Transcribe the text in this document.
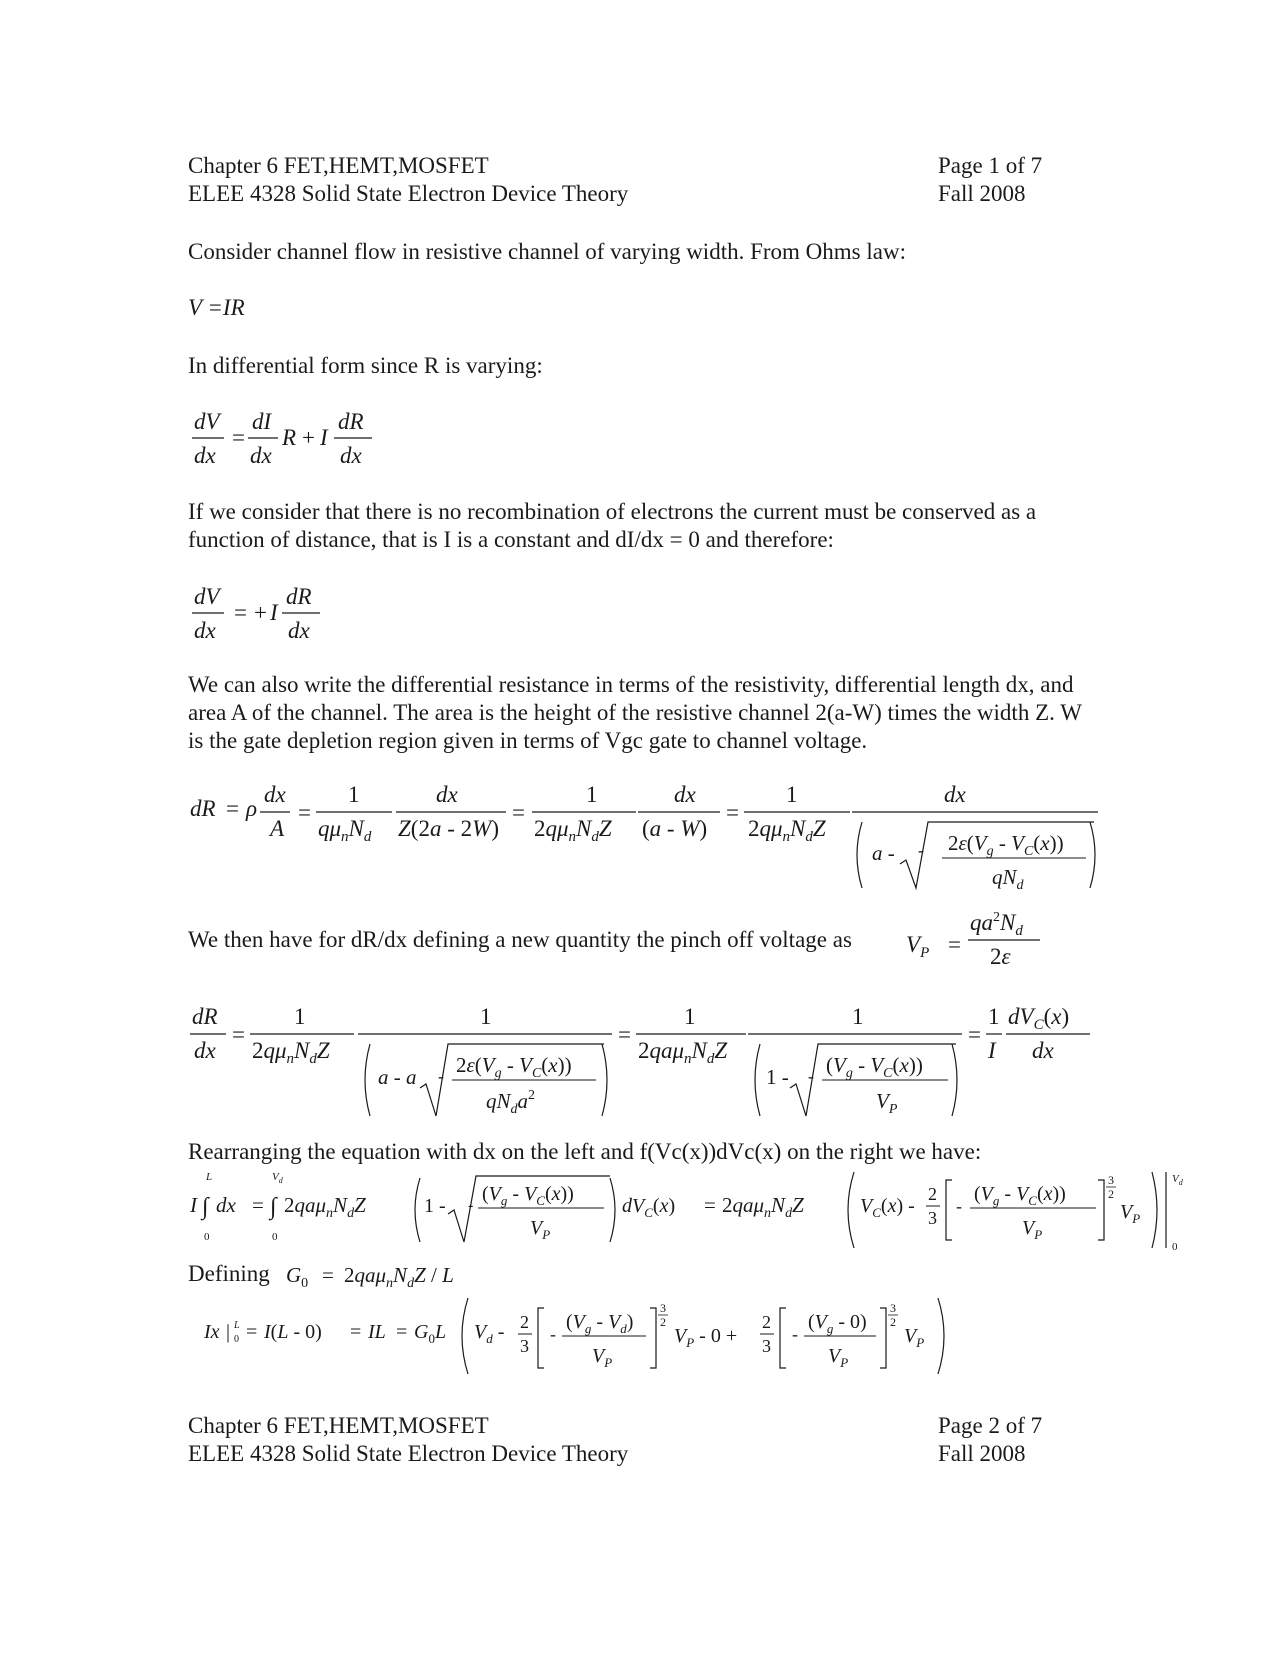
Chapter 6 FET,HEMT,MOSFET
ELEE 4328 Solid State Electron Device Theory
Page 1 of 7
Fall 2008
Consider channel flow in resistive channel of varying width. From Ohms law:
V =IR
In differential form since R is varying:
dV
dx
=
dI
dx
R + I
dR
dx
If we consider that there is no recombination of electrons the current must be conserved as a function of distance, that is I is a constant and dI/dx = 0 and therefore:
dV
dx
= + I
dR
dx
We can also write the differential resistance in terms of the resistivity, differential length dx, and area A of the channel. The area is the height of the resistive channel 2(a-W) times the width Z. W is the gate depletion region given in terms of Vgc gate to channel voltage.
dR = ρ
dx
A
=
1
$q\mu_nN_d$
dx
Z(2a - 2W)
=
1
$2q\mu_nN_dZ$
dx
(a - W)
=
1
$2q\mu_nN_dZ$
dx
a - - $2\varepsilon(V_g - V_C(x))$
$qN_d$
We then have for dR/dx defining a new quantity the pinch off voltage as $V_P$ =
$qa^2N_d$
2ε
dR
dx
=
1
$2q\mu_nN_dZ$
1
a - a - $2\varepsilon(V_g - V_C(x))$
$qN_da^2$
=
1
$2qa\mu_nN_dZ$
1
1 - - $(V_g - V_C(x))$
$V_P$
=
1
I
$dV_C(x)$
dx
Rearranging the equation with dx on the left and f(Vc(x))dVc(x) on the right we have:
L
I ∫ dx
0
=
$V_d$
∫
0
$2qa\mu_nN_dZ$	1 - -
$(V_g - V_C(x))$
$V_P$
$dV_C(x) = 2qa\mu_nN_dZ$	$V_C(x)$ -
2
3
-
$(V_g - V_C(x))$
$V_P$
3
2
$V_P$
$V_d$
0
Defining $G_0 = 2qa\mu_nN_dZ / L$
Ix | L
0 = I(L - 0) = IL = $G_0L$ $V_d - 2$
3
-
$(V_g - V_d)$
$V_P$
3
2
$V_P - 0$ +
2
3
-
$(V_g - 0)$
$V_P$
3
2
$V_P$
Chapter 6 FET,HEMT,MOSFET
ELEE 4328 Solid State Electron Device Theory
Page 2 of 7
Fall 2008
